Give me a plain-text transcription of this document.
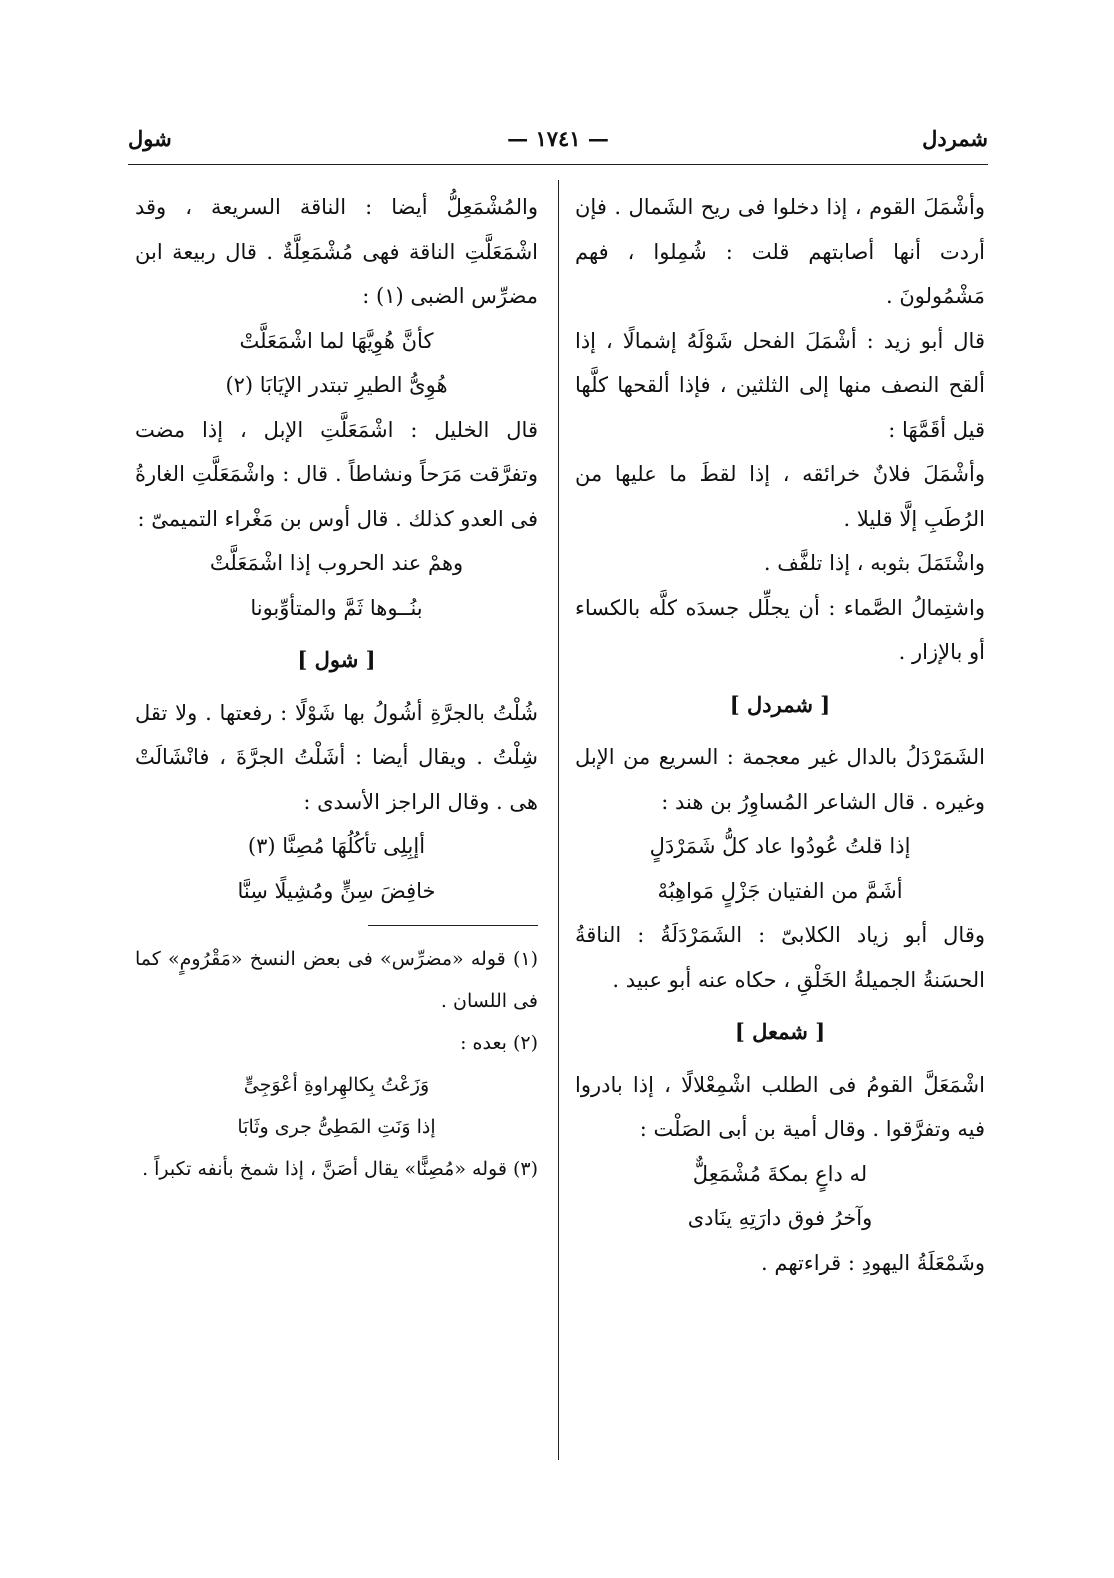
شمردل
— ١٧٤١ —
شول

وأشْمَلَ القوم ، إذا دخلوا فى ريح الشَمال . فإن أردت أنها أصابتهم قلت : شُمِلوا ، فهم مَشْمُولونَ .

قال أبو زيد : أشْمَلَ الفحل شَوْلَهُ إشمالًا ، إذا ألقح النصف منها إلى الثلثين ، فإذا ألقحها كلَّها قيل أقَمَّهَا :

وأشْمَلَ فلانٌ خرائقه ، إذا لقطَ ما عليها من الرُطَبِ إلَّا قليلا .

واشْتَمَلَ بثوبه ، إذا تلفَّف .

واشتِمالُ الصَّماء : أن يجلِّل جسدَه كلَّه بالكساء أو بالإزار .

[ شمردل ]

الشَمَرْدَلُ بالدال غير معجمة : السريع من الإبل وغيره . قال الشاعر المُساوِرُ بن هند :

إذا قلتُ عُودُوا عاد كلُّ شَمَرْدَلٍ

أشَمَّ من الفتيان جَزْلٍ مَواهِبُهْ

وقال أبو زياد الكلابىّ : الشَمَرْدَلَةُ : الناقةُ الحسَنةُ الجميلةُ الخَلْقِ ، حكاه عنه أبو عبيد .

[ شمعل ]

اشْمَعَلَّ القومُ فى الطلب اشْمِعْلالًا ، إذا بادروا فيه وتفرَّقوا . وقال أمية بن أبى الصَلْت :

له داعٍ بمكةَ مُشْمَعِلٌّ

وآخرُ فوق دارَتِهِ ينَادى

وشَمْعَلَةُ اليهودِ : قراءتهم .

والمُشْمَعِلُّ أيضا : الناقة السريعة ، وقد اشْمَعَلَّتِ الناقة فهى مُشْمَعِلَّةٌ . قال ربيعة ابن مضرِّس الضبى (١) :

كأنَّ هُوِيَّهَا لما اشْمَعَلَّتْ

هُوِىُّ الطيرِ تبتدر الإيَابَا (٢)

قال الخليل : اشْمَعَلَّتِ الإبل ، إذا مضت وتفرَّقت مَرَحاً ونشاطاً . قال : واشْمَعَلَّتِ الغارةُ فى العدو كذلك . قال أوس بن مَغْراء التميمىّ :

وهمْ عند الحروب إذا اشْمَعَلَّتْ

بنُــوها ثَمَّ والمتأوِّبونا

[ شول ]

شُلْتُ بالجرَّةِ أشُولُ بها شَوْلًا : رفعتها . ولا تقل شِلْتُ . ويقال أيضا : أشَلْتُ الجرَّةَ ، فانْشَالَتْ هى . وقال الراجز الأسدى :

أإبِلِى تأكُلُهَا مُصِنَّا (٣)

خافِضَ سِنٍّ ومُشِيلًا سِنَّا

(١) قوله «مضرِّس» فى بعض النسخ «مَقْرُومٍ» كما فى اللسان .

(٢) بعده :

وَزَعْتُ بِكالهِراوةِ أعْوَجِىٍّ

إذا وَنَتِ المَطِىُّ جرى وثَابَا

(٣) قوله «مُصِنًّا» يقال أصَنَّ ، إذا شمخ بأنفه تكبراً .
